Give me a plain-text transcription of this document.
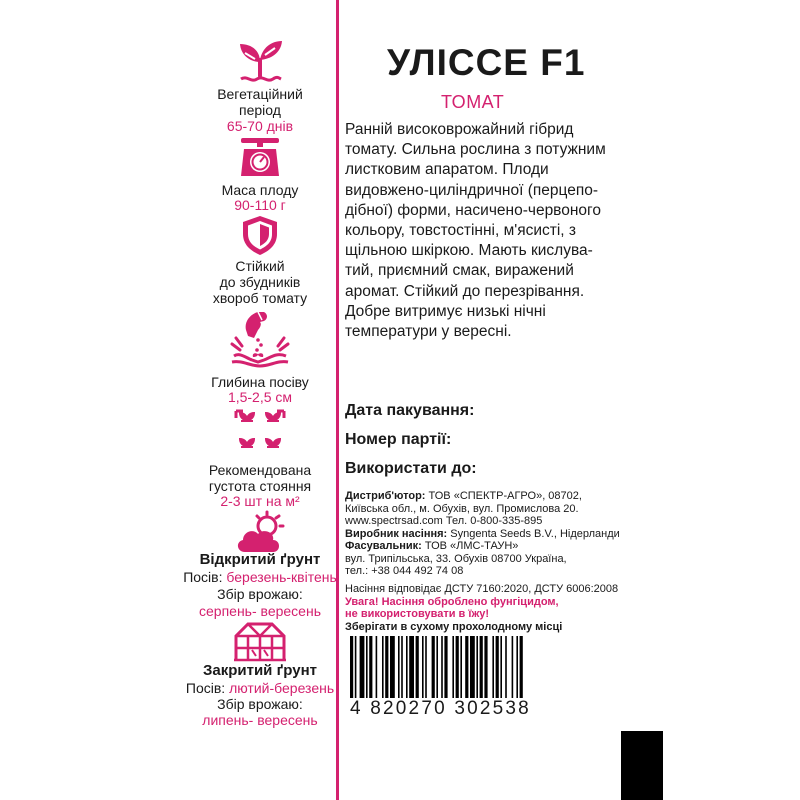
Вегетаційний
період
65-70 днів
Маса плоду
90-110 г
Стійкий
до збудників
хвороб томату
Глибина посіву
1,5-2,5 см
Рекомендована
густота стояння
2-3 шт на м²
Відкритий ґрунт
Посів: березень-квітень
Збір врожаю:
серпень- вересень
Закритий ґрунт
Посів: лютий-березень
Збір врожаю:
липень- вересень
УЛІССЕ F1
ТОМАТ
Ранній високоврожайний гібрид
томату. Сильна рослина з потужним
листковим апаратом. Плоди
видовжено-циліндричної (перцепо-
дібної) форми, насичено-червоного
кольору, товстостінні, м'ясисті, з
щільною шкіркою. Мають кислува-
тий, приємний смак, виражений
аромат. Стійкий до перезрівання.
Добре витримує низькі нічні
температури у вересні.
Дата пакування:
Номер партії:
Використати до:
Дистриб'ютор: ТОВ «СПЕКТР-АГРО», 08702,
Київська обл., м. Обухів, вул. Промислова 20.
www.spectrsad.com Тел. 0-800-335-895
Виробник насіння: Syngenta Seeds B.V., Нідерланди
Фасувальник: ТОВ «ЛМС-ТАУН»
вул. Трипільська, 33. Обухів 08700 Україна,
тел.: +38 044 492 74 08
Насіння відповідає ДСТУ 7160:2020, ДСТУ 6006:2008
Увага! Насіння оброблено фунгіцидом,
не використовувати в їжу!
Зберігати в сухому прохолодному місці
4 820270 302538
